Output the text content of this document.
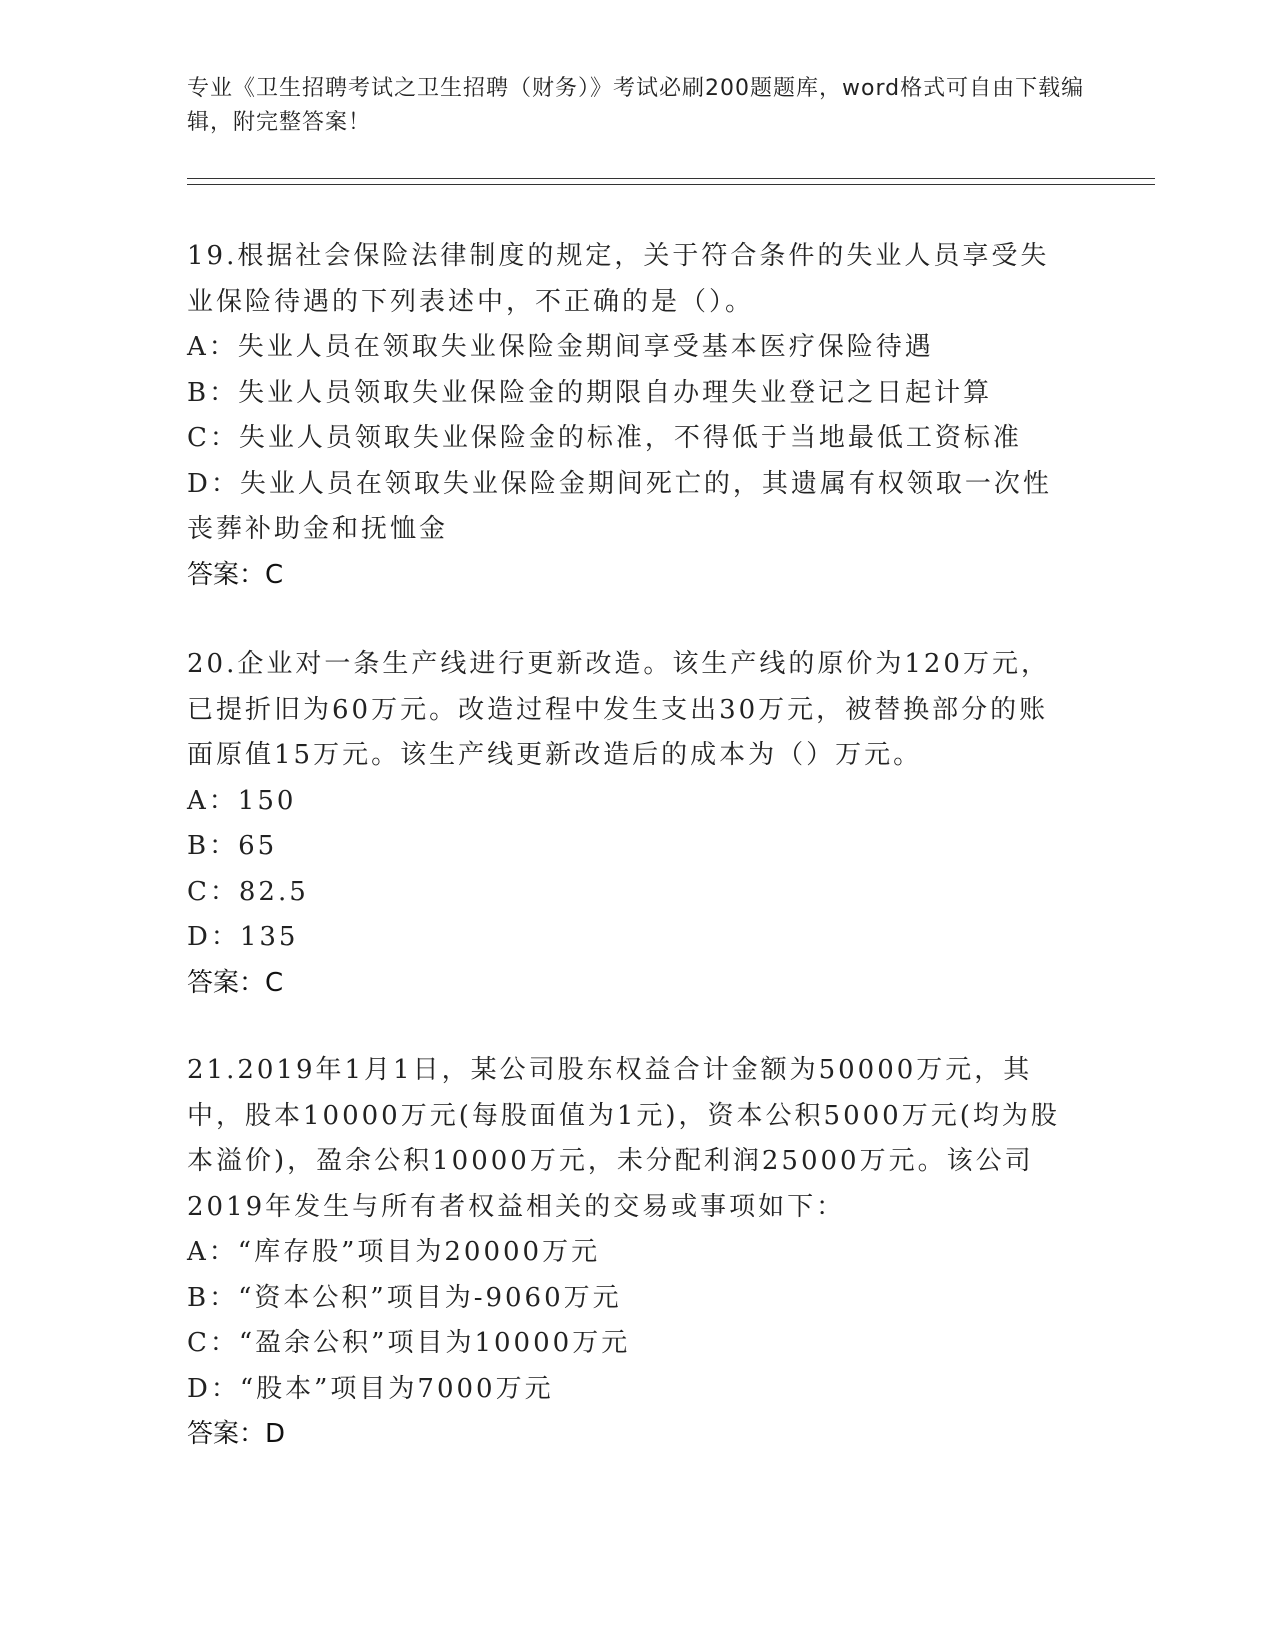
专业《卫生招聘考试之卫生招聘（财务）》考试必刷200题题库，word格式可自由下载编辑，附完整答案！

19.根据社会保险法律制度的规定，关于符合条件的失业人员享受失业保险待遇的下列表述中，不正确的是（）。

A：失业人员在领取失业保险金期间享受基本医疗保险待遇

B：失业人员领取失业保险金的期限自办理失业登记之日起计算

C：失业人员领取失业保险金的标准，不得低于当地最低工资标准

D：失业人员在领取失业保险金期间死亡的，其遗属有权领取一次性丧葬补助金和抚恤金

答案：C

20.企业对一条生产线进行更新改造。该生产线的原价为120万元，已提折旧为60万元。改造过程中发生支出30万元，被替换部分的账面原值15万元。该生产线更新改造后的成本为（）万元。

A：150

B：65

C：82.5

D：135

答案：C

21.2019年1月1日，某公司股东权益合计金额为50000万元，其中，股本10000万元(每股面值为1元)，资本公积5000万元(均为股本溢价)，盈余公积10000万元，未分配利润25000万元。该公司2019年发生与所有者权益相关的交易或事项如下：

A：“库存股”项目为20000万元

B：“资本公积”项目为-9060万元

C：“盈余公积”项目为10000万元

D：“股本”项目为7000万元

答案：D
